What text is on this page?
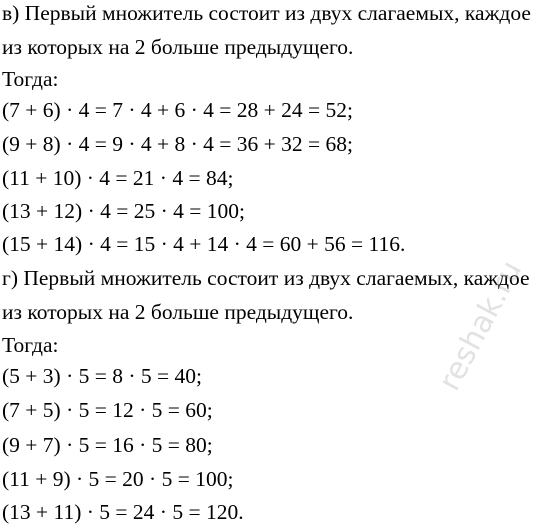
в) Первый множитель состоит из двух слагаемых, каждое
из которых на 2 больше предыдущего.
Тогда:
(7 + 6) · 4 = 7 · 4 + 6 · 4 = 28 + 24 = 52;
(9 + 8) · 4 = 9 · 4 + 8 · 4 = 36 + 32 = 68;
(11 + 10) · 4 = 21 · 4 = 84;
(13 + 12) · 4 = 25 · 4 = 100;
(15 + 14) · 4 = 15 · 4 + 14 · 4 = 60 + 56 = 116.
г) Первый множитель состоит из двух слагаемых, каждое
из которых на 2 больше предыдущего.
Тогда:
(5 + 3) · 5 = 8 · 5 = 40;
(7 + 5) · 5 = 12 · 5 = 60;
(9 + 7) · 5 = 16 · 5 = 80;
(11 + 9) · 5 = 20 · 5 = 100;
(13 + 11) · 5 = 24 · 5 = 120.
reshak.ru
